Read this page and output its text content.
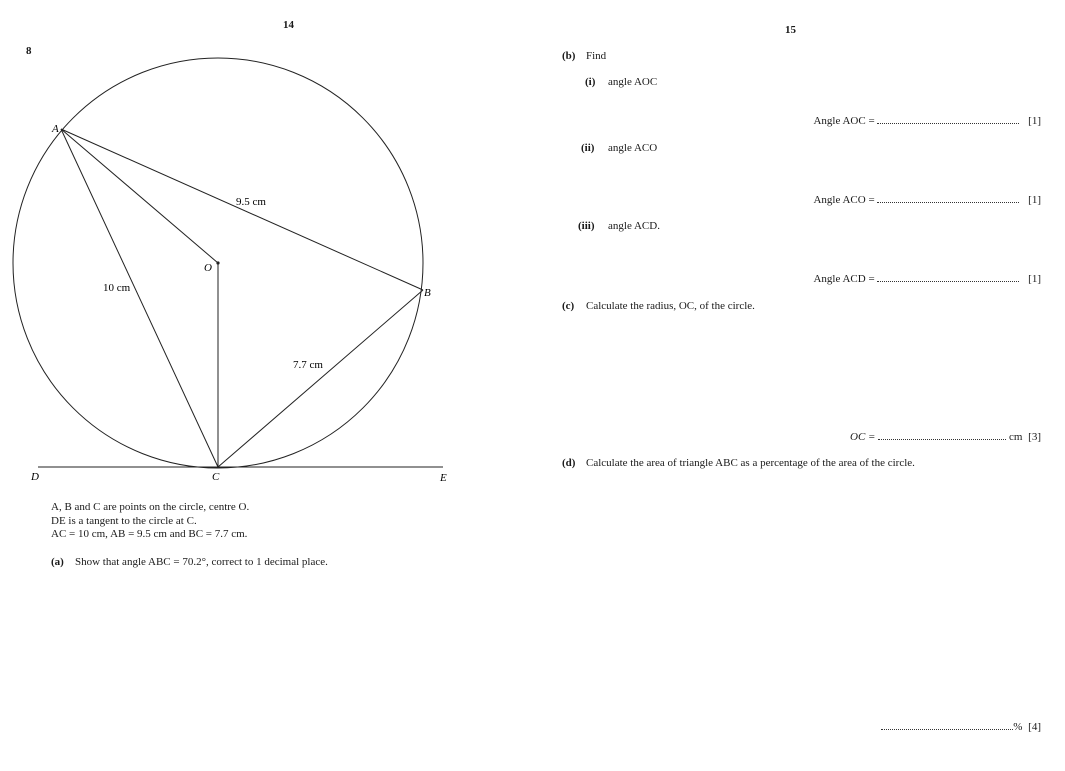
14
8
A
B
C
D	E
O
9.5 cm
10 cm
7.7 cm
A, B and C are points on the circle, centre O.
DE is a tangent to the circle at C.
AC = 10 cm, AB = 9.5 cm and BC = 7.7 cm.
(a) Show that angle ABC = 70.2°, correct to 1 decimal place.
15
(b) Find
(i) angle AOC
Angle AOC =	[1]
(ii) angle ACO
Angle ACO =	[1]
(iii) angle ACD.
Angle ACD =	[1]
(c) Calculate the radius, OC, of the circle.
OC =	cm [3]
(d) Calculate the area of triangle ABC as a percentage of the area of the circle.
% [4]
